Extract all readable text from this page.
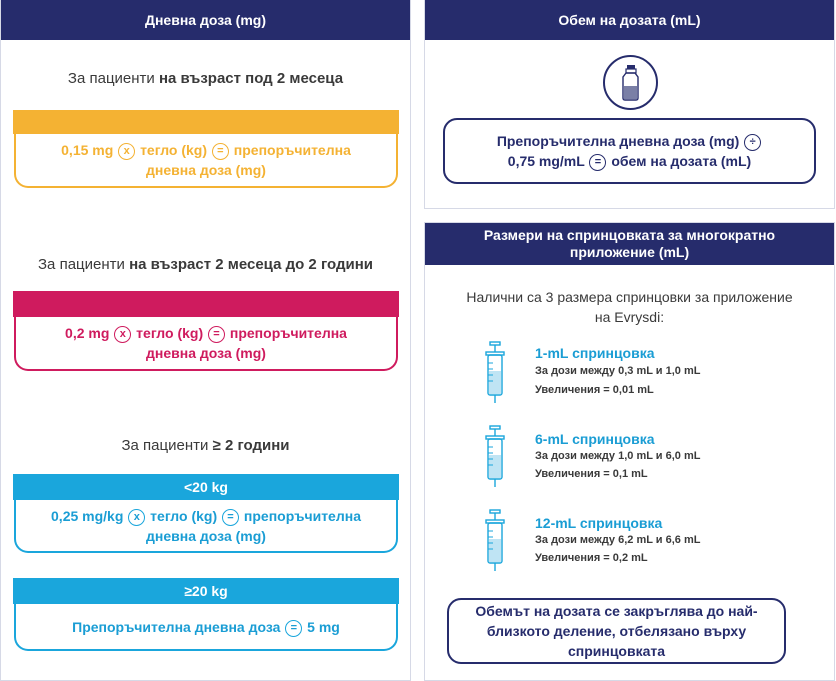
Дневна доза (mg)
За пациенти на възраст под 2 месеца
0,15 mg x тегло (kg) = препоръчителна
дневна доза (mg)
За пациенти на възраст 2 месеца до 2 години
0,2 mg x тегло (kg) = препоръчителна
дневна доза (mg)
За пациенти ≥ 2 години
<20 kg
0,25 mg/kg x тегло (kg) = препоръчителна
дневна доза (mg)
≥20 kg
Препоръчителна дневна доза = 5 mg
Обем на дозата (mL)
Препоръчителна дневна доза (mg) ÷
0,75 mg/mL = обем на дозата (mL)
Размери на спринцовката за многократно приложение (mL)
Налични са 3 размера спринцовки за приложение на Evrysdi:
1-mL спринцовка
За дози между 0,3 mL и 1,0 mL
Увеличения = 0,01 mL
6-mL спринцовка
За дози между 1,0 mL и 6,0 mL
Увеличения = 0,1 mL
12-mL спринцовка
За дози между 6,2 mL и 6,6 mL
Увеличения = 0,2 mL
Обемът на дозата се закръглява до най-близкото деление, отбелязано върху спринцовката
